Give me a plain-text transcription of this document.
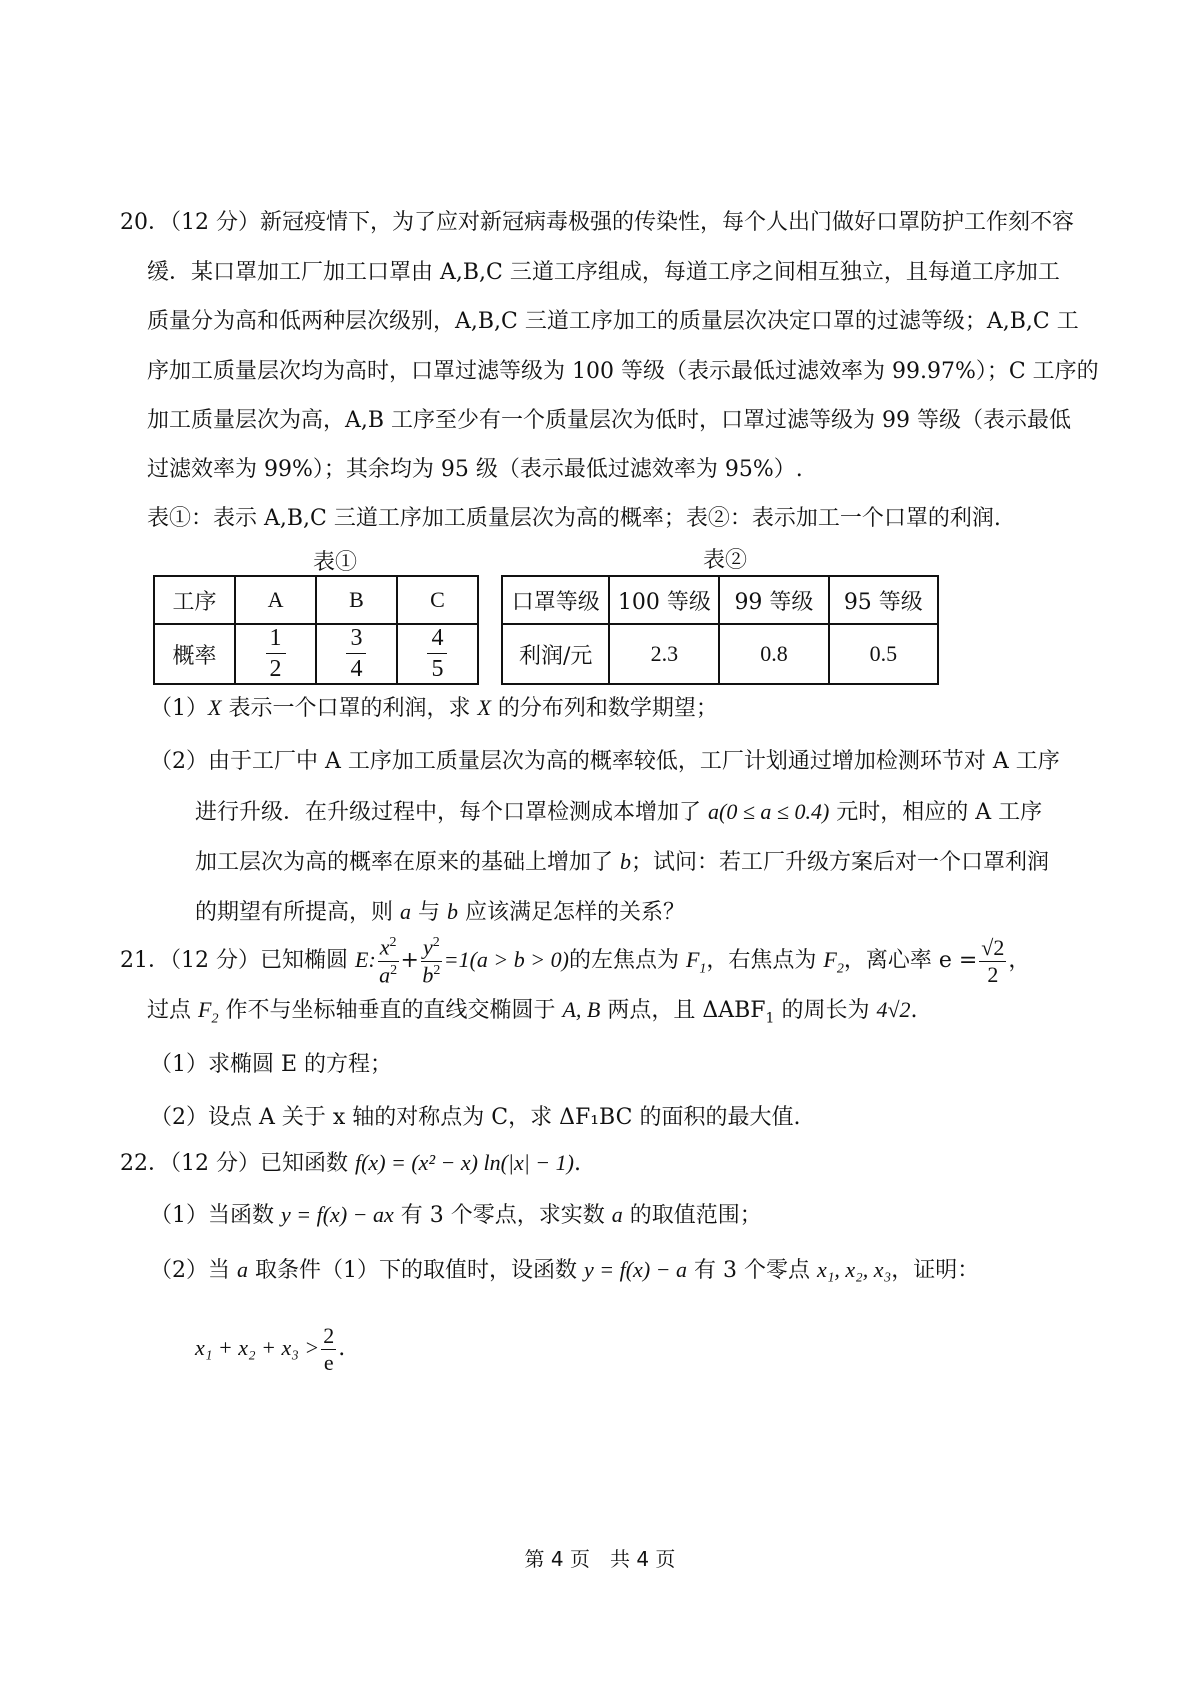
20．（12 分）新冠疫情下，为了应对新冠病毒极强的传染性，每个人出门做好口罩防护工作刻不容
缓．某口罩加工厂加工口罩由 A,B,C 三道工序组成，每道工序之间相互独立，且每道工序加工
质量分为高和低两种层次级别，A,B,C 三道工序加工的质量层次决定口罩的过滤等级；A,B,C 工
序加工质量层次均为高时，口罩过滤等级为 100 等级（表示最低过滤效率为 99.97%）；C 工序的
加工质量层次为高，A,B 工序至少有一个质量层次为低时，口罩过滤等级为 99 等级（表示最低
过滤效率为 99%）；其余均为 95 级（表示最低过滤效率为 95%）.
表①：表示 A,B,C 三道工序加工质量层次为高的概率；表②：表示加工一个口罩的利润.
表①	表②
工序	A	B	C
概率	$\frac{1}{2}$	$\frac{3}{4}$	$\frac{4}{5}$
口罩等级	100 等级	99 等级	95 等级
利润/元	2.3	0.8	0.5
（1）X 表示一个口罩的利润，求 X 的分布列和数学期望；
（2）由于工厂中 A 工序加工质量层次为高的概率较低，工厂计划通过增加检测环节对 A 工序
进行升级．在升级过程中，每个口罩检测成本增加了 a(0 ≤ a ≤ 0.4) 元时，相应的 A 工序
加工层次为高的概率在原来的基础上增加了 b；试问：若工厂升级方案后对一个口罩利润
的期望有所提高，则 a 与 b 应该满足怎样的关系？
21．（12 分）已知椭圆 E: $\frac{x^2}{a^2} + \frac{y^2}{b^2} =1(a > b > 0)$的左焦点为 $F_1$，右焦点为 $F_2$，离心率 $e = \frac{√2}{2}$ ，
过点 $F_2$ 作不与坐标轴垂直的直线交椭圆于 A, B 两点，且 $\Delta ABF_1$ 的周长为 4√2.
（1）求椭圆 E 的方程；
（2）设点 A 关于 x 轴的对称点为 C，求 ΔF₁BC 的面积的最大值.
22．（12 分）已知函数 f(x) = (x² − x) ln(|x| − 1).
（1）当函数 y = f(x) − ax 有 3 个零点，求实数 a 的取值范围；
（2）当 a 取条件（1）下的取值时，设函数 y = f(x) − a 有 3 个零点 x₁, x₂, x₃，证明：
$x_1 + x_2 + x_3 > \frac{2}{e}$ .
第 4 页　共 4 页
